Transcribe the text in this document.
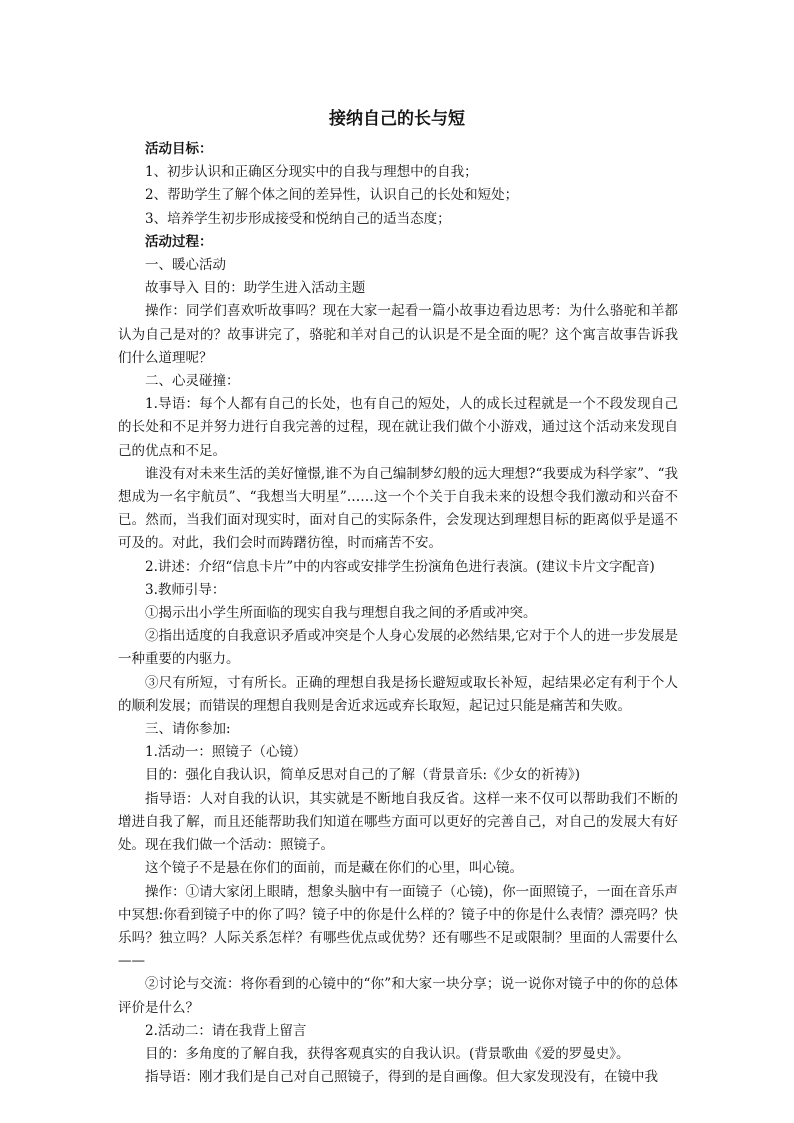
接纳自己的长与短

活动目标：

1、初步认识和正确区分现实中的自我与理想中的自我；

2、帮助学生了解个体之间的差异性，认识自己的长处和短处；

3、培养学生初步形成接受和悦纳自己的适当态度；

活动过程：

一、暖心活动

故事导入 目的：助学生进入活动主题

操作：同学们喜欢听故事吗？现在大家一起看一篇小故事边看边思考：为什么骆驼和羊都认为自己是对的？故事讲完了，骆驼和羊对自己的认识是不是全面的呢？这个寓言故事告诉我们什么道理呢？

二、心灵碰撞：

1.导语：每个人都有自己的长处，也有自己的短处，人的成长过程就是一个不段发现自己的长处和不足并努力进行自我完善的过程，现在就让我们做个小游戏，通过这个活动来发现自己的优点和不足。

谁没有对未来生活的美好憧憬,谁不为自己编制梦幻般的远大理想?“我要成为科学家”、“我想成为一名宇航员”、“我想当大明星”……这一个个关于自我未来的设想令我们激动和兴奋不已。然而，当我们面对现实时，面对自己的实际条件，会发现达到理想目标的距离似乎是遥不可及的。对此，我们会时而踌躇彷徨，时而痛苦不安。

2.讲述：介绍“信息卡片”中的内容或安排学生扮演角色进行表演。(建议卡片文字配音)

3.教师引导：

①揭示出小学生所面临的现实自我与理想自我之间的矛盾或冲突。

②指出适度的自我意识矛盾或冲突是个人身心发展的必然结果,它对于个人的进一步发展是一种重要的内驱力。

③尺有所短，寸有所长。正确的理想自我是扬长避短或取长补短，起结果必定有利于个人的顺利发展；而错误的理想自我则是舍近求远或弃长取短，起记过只能是痛苦和失败。

三、请你参加:

1.活动一：照镜子（心镜）

目的：强化自我认识，简单反思对自己的了解（背景音乐:《少女的祈祷》)

指导语：人对自我的认识，其实就是不断地自我反省。这样一来不仅可以帮助我们不断的增进自我了解，而且还能帮助我们知道在哪些方面可以更好的完善自己，对自己的发展大有好处。现在我们做一个活动：照镜子。

这个镜子不是悬在你们的面前，而是藏在你们的心里，叫心镜。

操作：①请大家闭上眼睛，想象头脑中有一面镜子（心镜)，你一面照镜子，一面在音乐声中冥想:你看到镜子中的你了吗？镜子中的你是什么样的？镜子中的你是什么表情？漂亮吗？快乐吗？独立吗？人际关系怎样？有哪些优点或优势？还有哪些不足或限制？里面的人需要什么——

②讨论与交流：将你看到的心镜中的“你”和大家一块分享；说一说你对镜子中的你的总体评价是什么？

2.活动二：请在我背上留言

目的：多角度的了解自我，获得客观真实的自我认识。(背景歌曲《爱的罗曼史》。

指导语：刚才我们是自己对自己照镜子，得到的是自画像。但大家发现没有，在镜中我
